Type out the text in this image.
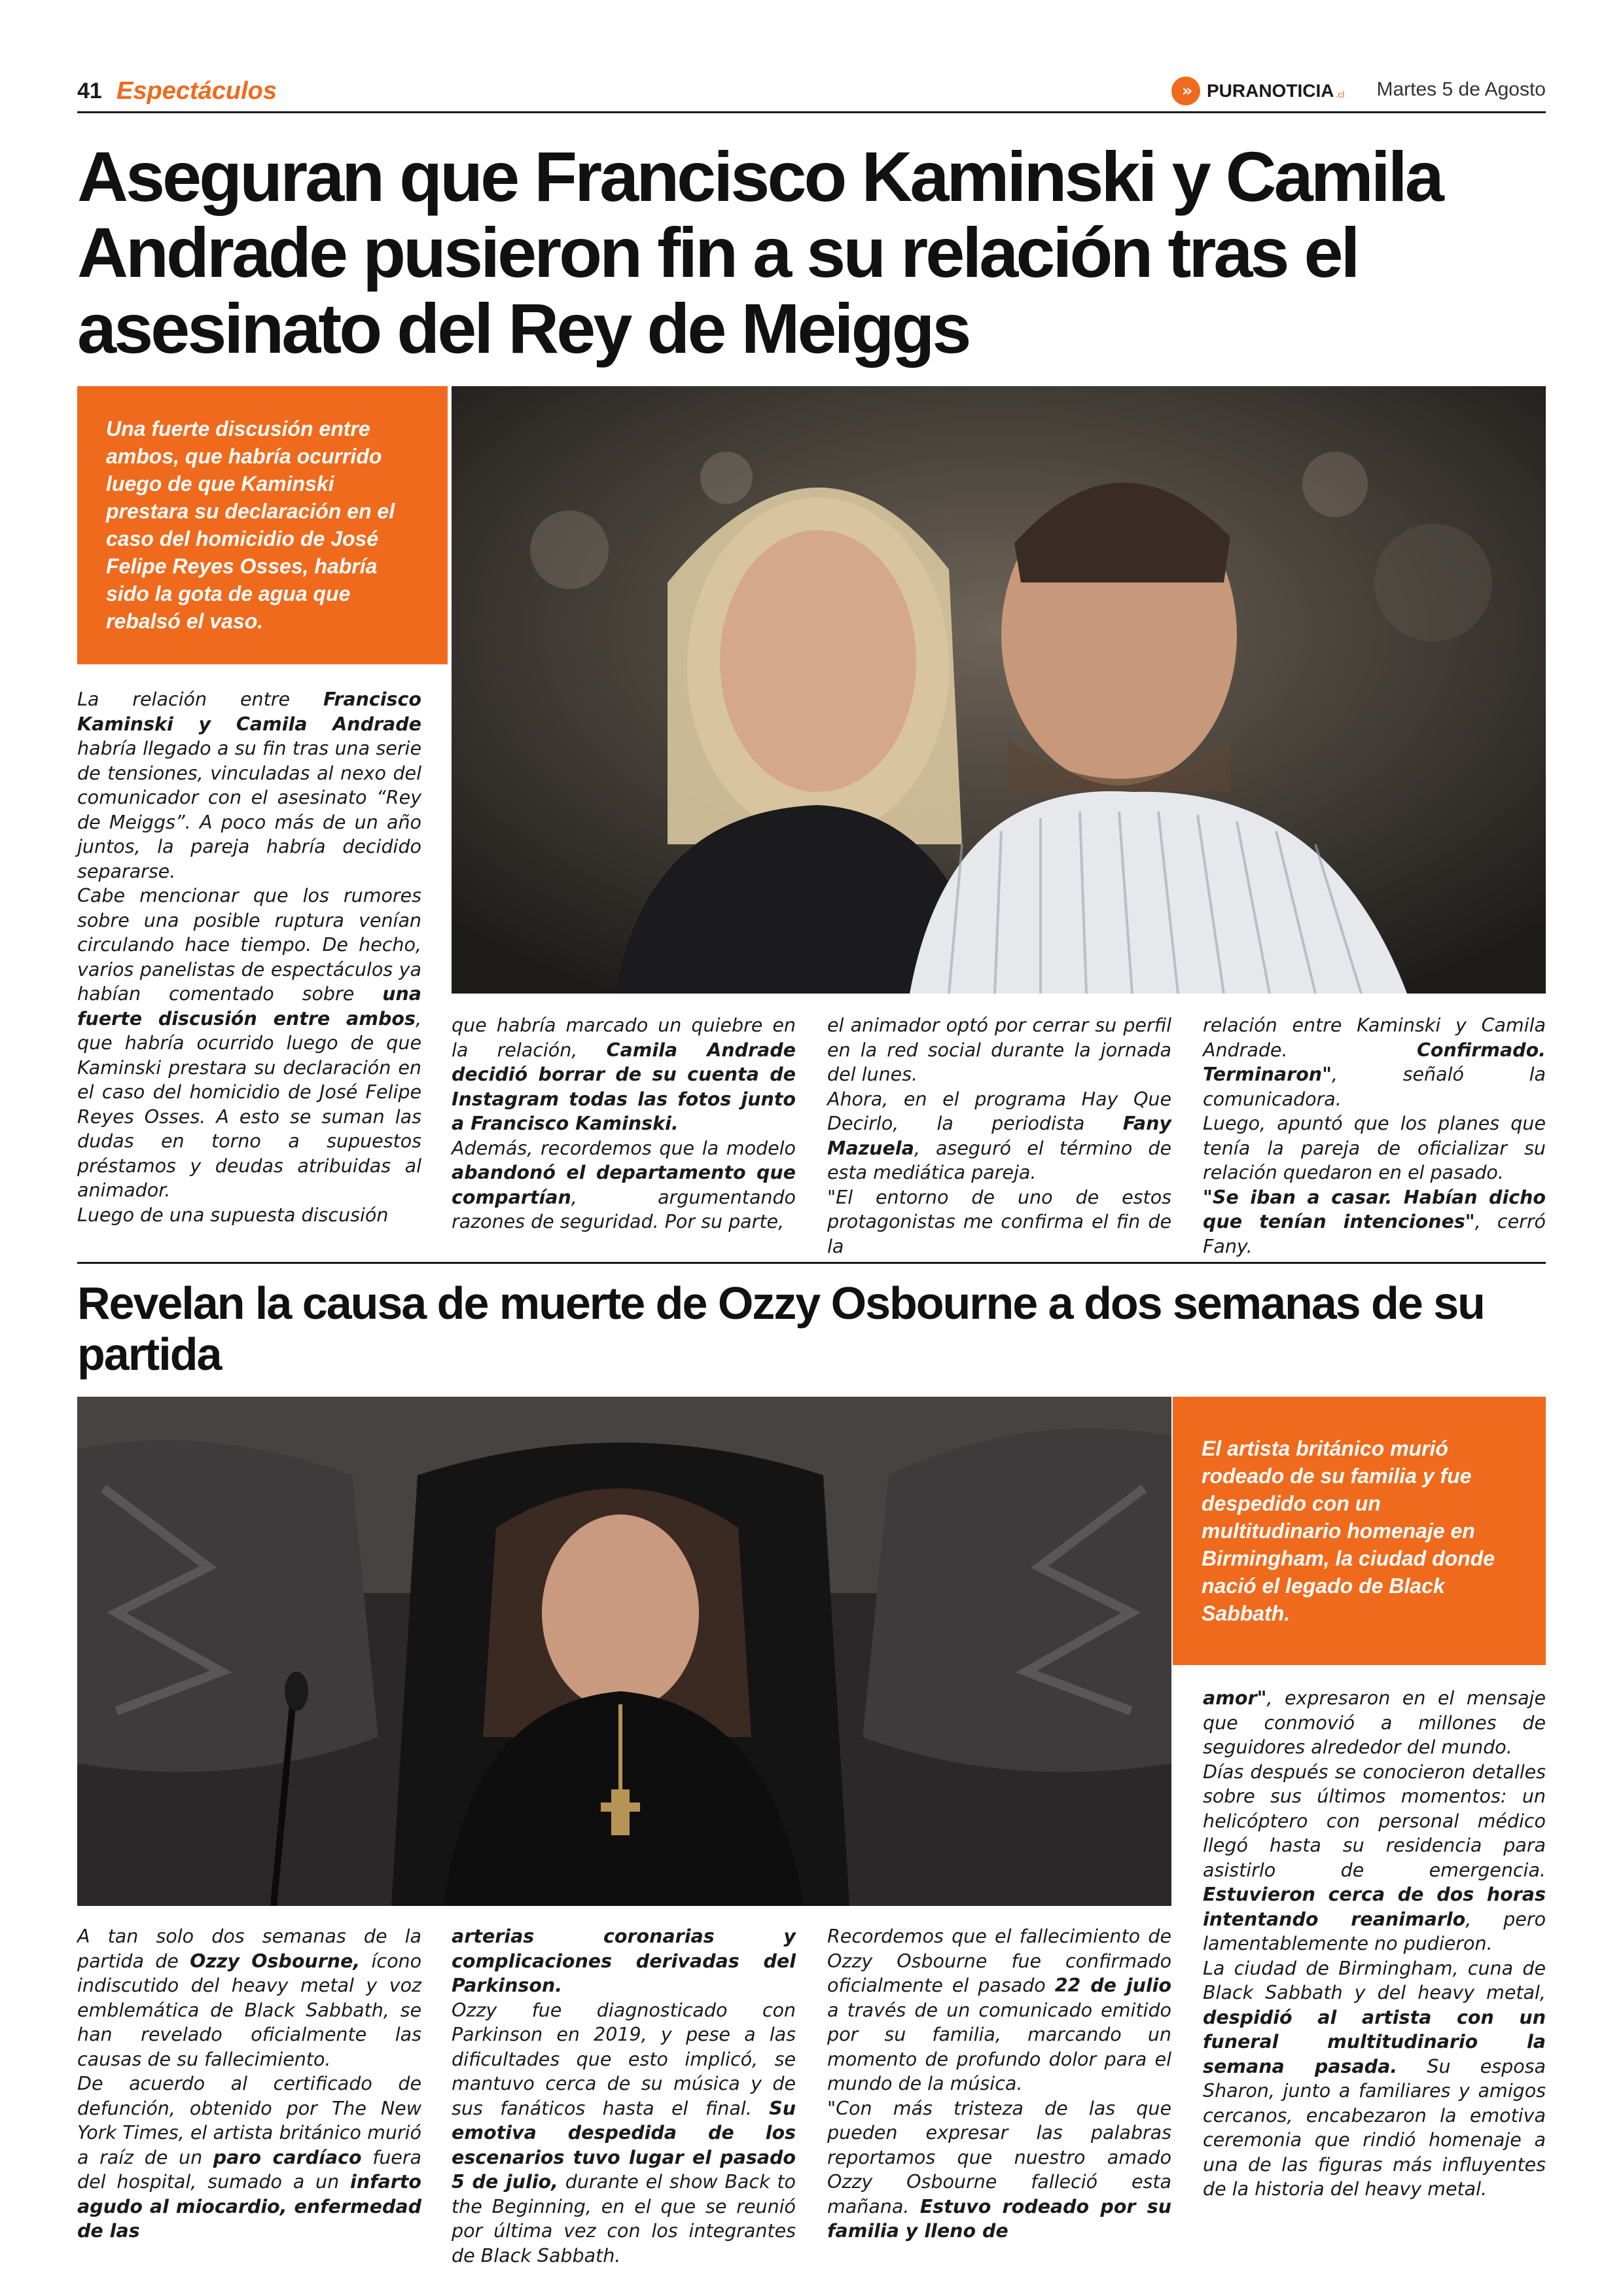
41 Espectáculos	» PURANOTICIA .cl Martes 5 de Agosto
Aseguran que Francisco Kaminski y Camila Andrade pusieron fin a su relación tras el asesinato del Rey de Meiggs
Una fuerte discusión entre ambos, que habría ocurrido luego de que Kaminski prestara su declaración en el caso del homicidio de José Felipe Reyes Osses, habría sido la gota de agua que rebalsó el vaso.

La relación entre Francisco Kaminski y Camila Andrade habría llegado a su fin tras una serie de tensiones, vinculadas al nexo del comunicador con el asesinato “Rey de Meiggs”. A poco más de un año juntos, la pareja habría decidido separarse.

Cabe mencionar que los rumores sobre una posible ruptura venían circulando hace tiempo. De hecho, varios panelistas de espectáculos ya habían comentado sobre una fuerte discusión entre ambos, que habría ocurrido luego de que Kaminski prestara su declaración en el caso del homicidio de José Felipe Reyes Osses. A esto se suman las dudas en torno a supuestos préstamos y deudas atribuidas al animador.

Luego de una supuesta discusión

que habría marcado un quiebre en la relación, Camila Andrade decidió borrar de su cuenta de Instagram todas las fotos junto a Francisco Kaminski.

Además, recordemos que la modelo abandonó el departamento que compartían, argumentando razones de seguridad. Por su parte,

el animador optó por cerrar su perfil en la red social durante la jornada del lunes.

Ahora, en el programa Hay Que Decirlo, la periodista Fany Mazuela, aseguró el término de esta mediática pareja.

"El entorno de uno de estos protagonistas me confirma el fin de la

relación entre Kaminski y Camila Andrade. Confirmado. Terminaron", señaló la comunicadora.

Luego, apuntó que los planes que tenía la pareja de oficializar su relación quedaron en el pasado.

"Se iban a casar. Habían dicho que tenían intenciones", cerró Fany.

Revelan la causa de muerte de Ozzy Osbourne a dos semanas de su partida
El artista británico murió rodeado de su familia y fue despedido con un multitudinario homenaje en Birmingham, la ciudad donde nació el legado de Black Sabbath.

A tan solo dos semanas de la partida de Ozzy Osbourne, ícono indiscutido del heavy metal y voz emblemática de Black Sabbath, se han revelado oficialmente las causas de su fallecimiento.

De acuerdo al certificado de defunción, obtenido por The New York Times, el artista británico murió a raíz de un paro cardíaco fuera del hospital, sumado a un infarto agudo al miocardio, enfermedad de las

arterias coronarias y complicaciones derivadas del Parkinson.

Ozzy fue diagnosticado con Parkinson en 2019, y pese a las dificultades que esto implicó, se mantuvo cerca de su música y de sus fanáticos hasta el final. Su emotiva despedida de los escenarios tuvo lugar el pasado 5 de julio, durante el show Back to the Beginning, en el que se reunió por última vez con los integrantes de Black Sabbath.

Recordemos que el fallecimiento de Ozzy Osbourne fue confirmado oficialmente el pasado 22 de julio a través de un comunicado emitido por su familia, marcando un momento de profundo dolor para el mundo de la música.

"Con más tristeza de las que pueden expresar las palabras reportamos que nuestro amado Ozzy Osbourne falleció esta mañana. Estuvo rodeado por su familia y lleno de

amor", expresaron en el mensaje que conmovió a millones de seguidores alrededor del mundo.

Días después se conocieron detalles sobre sus últimos momentos: un helicóptero con personal médico llegó hasta su residencia para asistirlo de emergencia. Estuvieron cerca de dos horas intentando reanimarlo, pero lamentablemente no pudieron.

La ciudad de Birmingham, cuna de Black Sabbath y del heavy metal, despidió al artista con un funeral multitudinario la semana pasada. Su esposa Sharon, junto a familiares y amigos cercanos, encabezaron la emotiva ceremonia que rindió homenaje a una de las figuras más influyentes de la historia del heavy metal.
